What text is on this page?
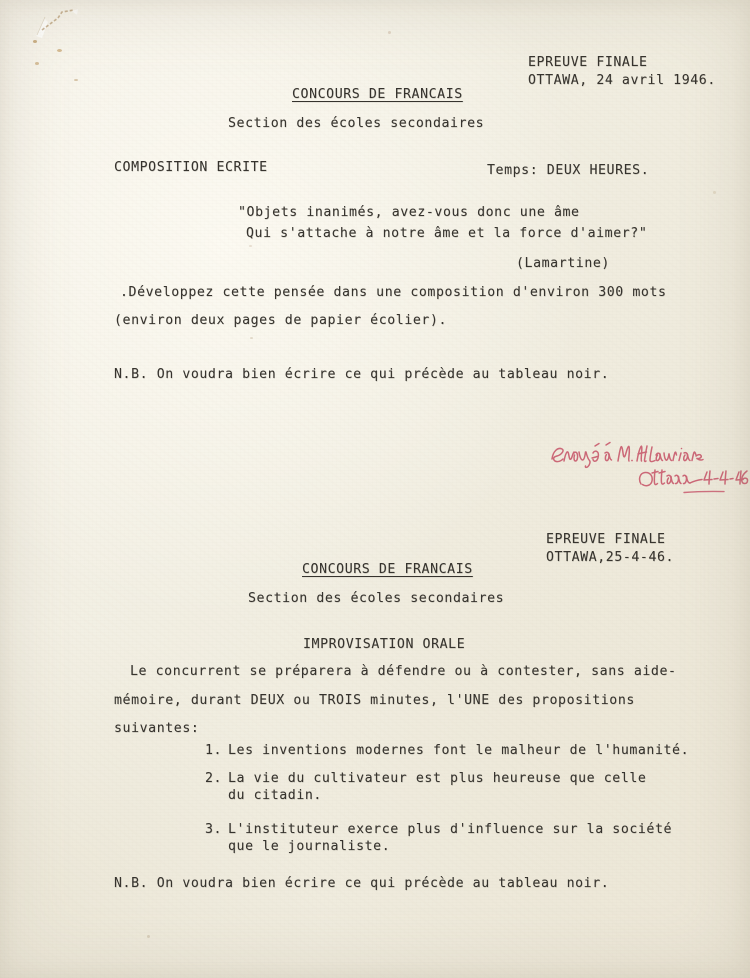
EPREUVE FINALE
OTTAWA, 24 avril 1946.
CONCOURS DE FRANCAIS
Section des écoles secondaires
COMPOSITION ECRITE	Temps: DEUX HEURES.
"Objets inanimés, avez-vous donc une âme
Qui s'attache à notre âme et la force d'aimer?"
(Lamartine)
.Développez cette pensée dans une composition d'environ 300 mots
(environ deux pages de papier écolier).
N.B. On voudra bien écrire ce qui précède au tableau noir.
EPREUVE FINALE
OTTAWA,25-4-46.
CONCOURS DE FRANCAIS
Section des écoles secondaires
IMPROVISATION ORALE
Le concurrent se préparera à défendre ou à contester, sans aide-
mémoire, durant DEUX ou TROIS minutes, l'UNE des propositions
suivantes:
1. Les inventions modernes font le malheur de l'humanité.
2. La vie du cultivateur est plus heureuse que celle
du citadin.
3. L'instituteur exerce plus d'influence sur la société
que le journaliste.
N.B. On voudra bien écrire ce qui précède au tableau noir.
